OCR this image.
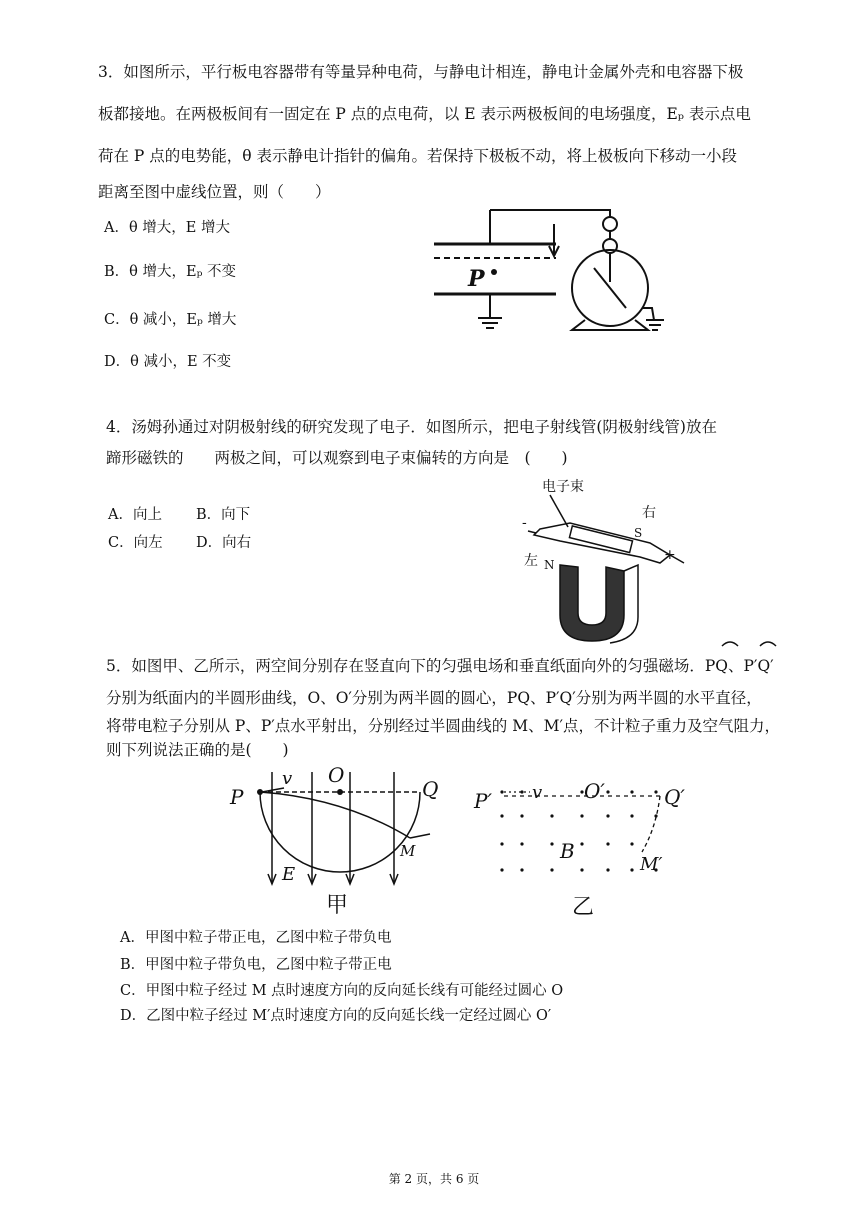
3．如图所示，平行板电容器带有等量异种电荷，与静电计相连，静电计金属外壳和电容器下极
板都接地。在两极板间有一固定在 P 点的点电荷，以 E 表示两极板间的电场强度，Eₚ 表示点电
荷在 P 点的电势能，θ 表示静电计指针的偏角。若保持下极板不动，将上极板向下移动一小段
距离至图中虚线位置，则（　　）
A．θ 增大，E 增大
B．θ 增大，Eₚ 不变
C．θ 减小，Eₚ 增大
D．θ 减小，E 不变
P
4．汤姆孙通过对阴极射线的研究发现了电子．如图所示，把电子射线管(阴极射线管)放在
蹄形磁铁的　　两极之间，可以观察到电子束偏转的方向是　(　　)
A．向上	B．向下
C．向左 D．向右
电子束
右
左 N
S
-
+
5．如图甲、乙所示，两空间分别存在竖直向下的匀强电场和垂直纸面向外的匀强磁场．PQ、P′Q′
分别为纸面内的半圆形曲线，O、O′分别为两半圆的圆心，PQ、P′Q′分别为两半圆的水平直径，
将带电粒子分别从 P、P′点水平射出，分别经过半圆曲线的 M、M′点，不计粒子重力及空气阻力，
则下列说法正确的是(　　)
P	Q
O
v
M
E
甲
P′	Q′
O′
v
B
M′
乙
A．甲图中粒子带正电，乙图中粒子带负电
B．甲图中粒子带负电，乙图中粒子带正电
C．甲图中粒子经过 M 点时速度方向的反向延长线有可能经过圆心 O
D．乙图中粒子经过 M′点时速度方向的反向延长线一定经过圆心 O′
第 2 页，共 6 页
